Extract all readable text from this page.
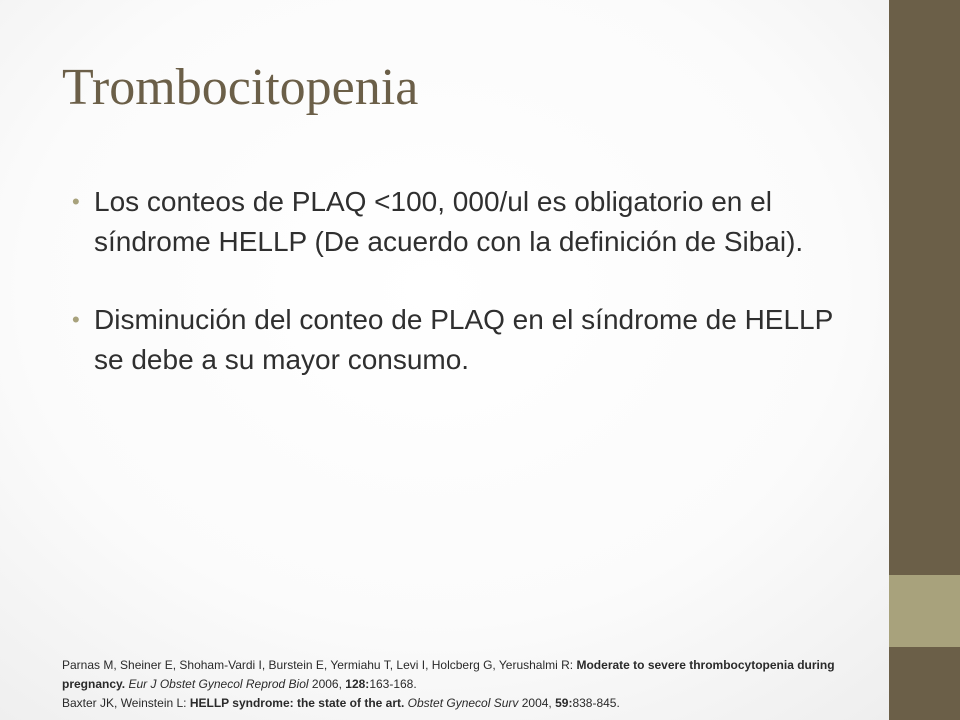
Trombocitopenia
• Los conteos de PLAQ <100, 000/ul es obligatorio en el síndrome HELLP (De acuerdo con la definición de Sibai).
• Disminución del conteo de PLAQ en el síndrome de HELLP se debe a su mayor consumo.
Parnas M, Sheiner E, Shoham-Vardi I, Burstein E, Yermiahu T, Levi I, Holcberg G, Yerushalmi R: Moderate to severe thrombocytopenia during pregnancy. Eur J Obstet Gynecol Reprod Biol 2006, 128:163-168.
Baxter JK, Weinstein L: HELLP syndrome: the state of the art. Obstet Gynecol Surv 2004, 59:838-845.
